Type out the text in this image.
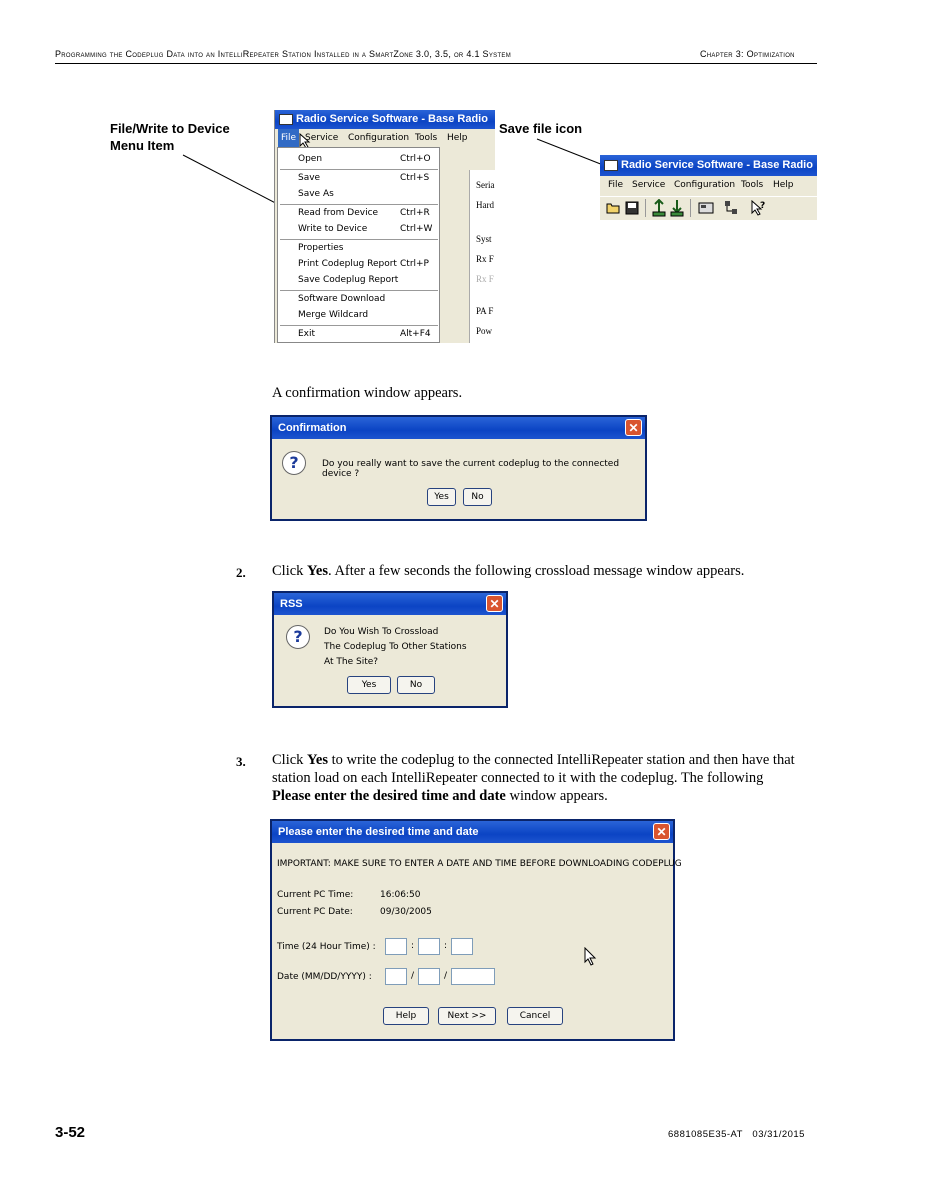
Programming the Codeplug Data into an IntelliRepeater Station Installed in a SmartZone 3.0, 3.5, or 4.1 System	Chapter 3: Optimization
File/Write to Device
Menu Item
Save file icon
Radio Service Software - Base Radio
File Service Configuration Tools Help
Seria
Hard
Syst
Rx F
Rx F
PA F
Pow
Open	Ctrl+O
Save	Ctrl+S
Save As
Read from Device Ctrl+R
Write to Device	Ctrl+W
Properties
Print Codeplug Report Ctrl+P
Save Codeplug Report
Software Download
Merge Wildcard
Exit	Alt+F4
Radio Service Software - Base Radio
File Service Configuration Tools Help
?
A confirmation window appears.
Confirmation	✕
?	Do you really want to save the current codeplug to the connected device ?
Yes	No
2. Click Yes. After a few seconds the following crossload message window appears.
RSS	✕
?	Do You Wish To Crossload
The Codeplug To Other Stations
At The Site?
Yes	No
3. Click Yes to write the codeplug to the connected IntelliRepeater station and then have that
station load on each IntelliRepeater connected to it with the codeplug. The following
Please enter the desired time and date window appears.
Please enter the desired time and date	✕
IMPORTANT: MAKE SURE TO ENTER A DATE AND TIME BEFORE DOWNLOADING CODEPLUG
Current PC Time:	16:06:50
Current PC Date:	09/30/2005
Time (24 Hour Time) :	:	:
Date (MM/DD/YYYY) :	/	/
Help	Next >>	Cancel
3-52	6881085E35-AT 03/31/2015
